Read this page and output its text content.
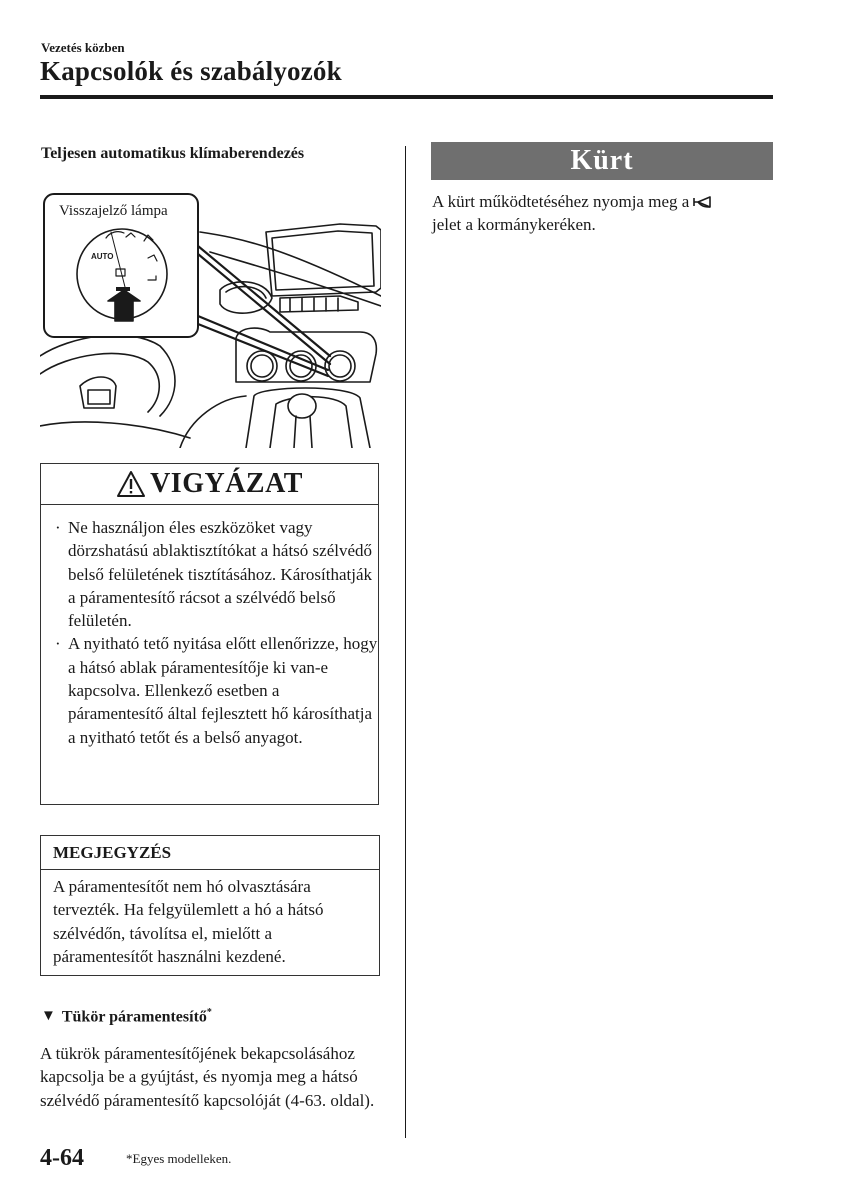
Vezetés közben
Kapcsolók és szabályozók
Teljesen automatikus klímaberendezés
Visszajelző lámpa
AUTO
VIGYÁZAT
· Ne használjon éles eszközöket vagy dörzshatású ablaktisztítókat a hátsó szélvédő belső felületének tisztításához. Károsíthatják a páramentesítő rácsot a szélvédő belső felületén.
· A nyitható tető nyitása előtt ellenőrizze, hogy a hátsó ablak páramentesítője ki van-e kapcsolva. Ellenkező esetben a páramentesítő által fejlesztett hő károsíthatja a nyitható tetőt és a belső anyagot.
MEGJEGYZÉS
A páramentesítőt nem hó olvasztására tervezték. Ha felgyülemlett a hó a hátsó szélvédőn, távolítsa el, mielőtt a páramentesítőt használni kezdené.
▼ Tükör páramentesítő*
A tükrök páramentesítőjének bekapcsolásához kapcsolja be a gyújtást, és nyomja meg a hátsó szélvédő páramentesítő kapcsolóját (4-63. oldal).
Kürt
A kürt működtetéséhez nyomja meg a
jelet a kormánykeréken.
4-64	*Egyes modelleken.
